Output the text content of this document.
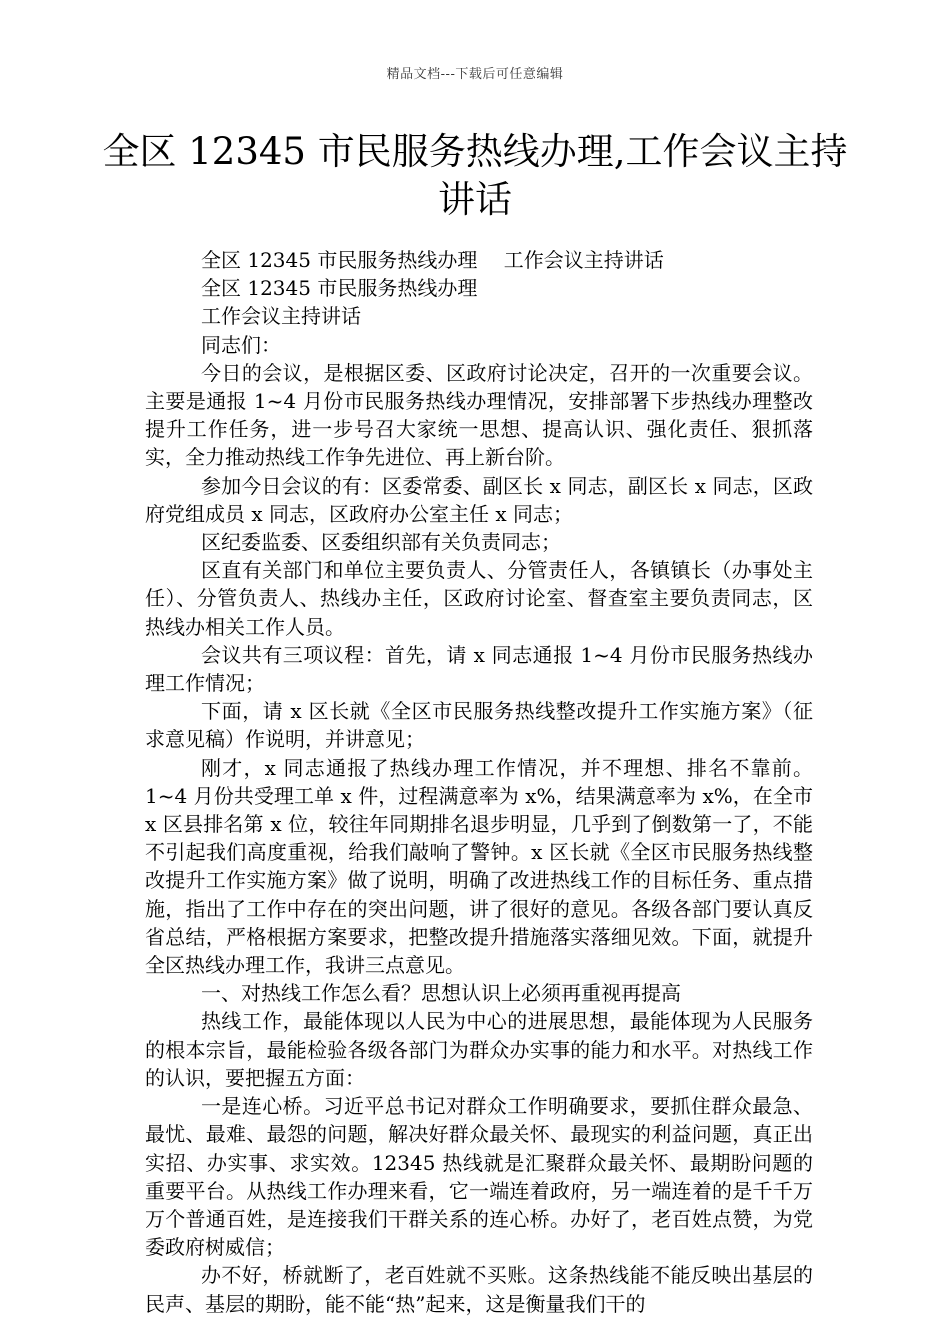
精品文档---下载后可任意编辑
全区 12345 市民服务热线办理,工作会议主持讲话

全区 12345 市民服务热线办理　 工作会议主持讲话

全区 12345 市民服务热线办理

工作会议主持讲话

同志们：

今日的会议，是根据区委、区政府讨论决定，召开的一次重要会议。主要是通报 1~4 月份市民服务热线办理情况，安排部署下步热线办理整改提升工作任务，进一步号召大家统一思想、提高认识、强化责任、狠抓落实，全力推动热线工作争先进位、再上新台阶。

参加今日会议的有：区委常委、副区长 x 同志，副区长 x 同志，区政府党组成员 x 同志，区政府办公室主任 x 同志；

区纪委监委、区委组织部有关负责同志；

区直有关部门和单位主要负责人、分管责任人，各镇镇长（办事处主任）、分管负责人、热线办主任，区政府讨论室、督查室主要负责同志，区热线办相关工作人员。

会议共有三项议程：首先，请 x 同志通报 1~4 月份市民服务热线办理工作情况；

下面，请 x 区长就《全区市民服务热线整改提升工作实施方案》（征求意见稿）作说明，并讲意见；

刚才，x 同志通报了热线办理工作情况，并不理想、排名不靠前。1~4 月份共受理工单 x 件，过程满意率为 x%，结果满意率为 x%，在全市 x 区县排名第 x 位，较往年同期排名退步明显，几乎到了倒数第一了，不能不引起我们高度重视，给我们敲响了警钟。x 区长就《全区市民服务热线整改提升工作实施方案》做了说明，明确了改进热线工作的目标任务、重点措施，指出了工作中存在的突出问题，讲了很好的意见。各级各部门要认真反省总结，严格根据方案要求，把整改提升措施落实落细见效。下面，就提升全区热线办理工作，我讲三点意见。

一、对热线工作怎么看？思想认识上必须再重视再提高

热线工作，最能体现以人民为中心的进展思想，最能体现为人民服务的根本宗旨，最能检验各级各部门为群众办实事的能力和水平。对热线工作的认识，要把握五方面：

一是连心桥。习近平总书记对群众工作明确要求，要抓住群众最急、最忧、最难、最怨的问题，解决好群众最关怀、最现实的利益问题，真正出实招、办实事、求实效。12345 热线就是汇聚群众最关怀、最期盼问题的重要平台。从热线工作办理来看，它一端连着政府，另一端连着的是千千万万个普通百姓，是连接我们干群关系的连心桥。办好了，老百姓点赞，为党委政府树威信；

办不好，桥就断了，老百姓就不买账。这条热线能不能反映出基层的民声、基层的期盼，能不能“热”起来，这是衡量我们干的
